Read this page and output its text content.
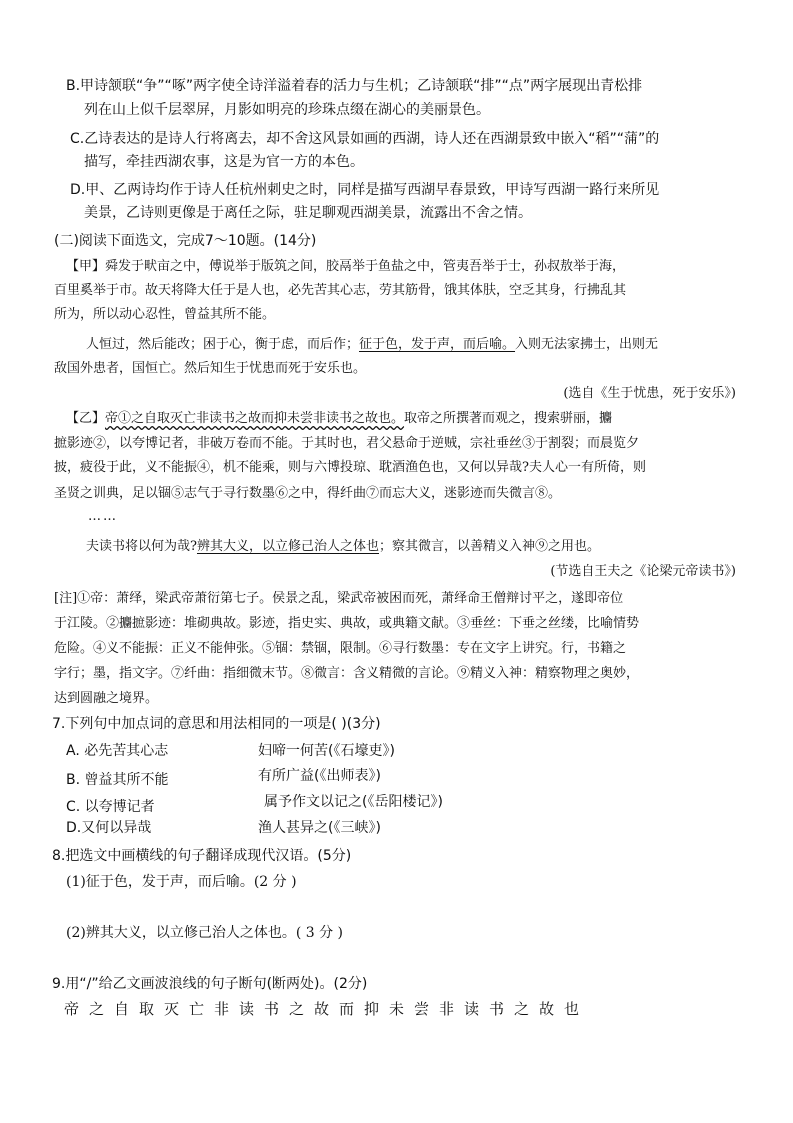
B.甲诗颔联“争”“啄”两字使全诗洋溢着春的活力与生机；乙诗颔联“排”“点”两字展现出青松排
列在山上似千层翠屏，月影如明亮的珍珠点缀在湖心的美丽景色。
C.乙诗表达的是诗人行将离去，却不舍这风景如画的西湖，诗人还在西湖景致中嵌入“稻”“蒲”的
描写，牵挂西湖农事，这是为官一方的本色。
D.甲、乙两诗均作于诗人任杭州刺史之时，同样是描写西湖早春景致，甲诗写西湖一路行来所见
美景，乙诗则更像是于离任之际，驻足聊观西湖美景，流露出不舍之情。
(二)阅读下面选文，完成7～10题。(14分)
【甲】舜发于畎亩之中，傅说举于版筑之间，胶鬲举于鱼盐之中，管夷吾举于士，孙叔敖举于海，
百里奚举于市。故天将降大任于是人也，必先苦其心志，劳其筋骨，饿其体肤，空乏其身，行拂乱其
所为，所以动心忍性，曾益其所不能。
人恒过，然后能改；困于心，衡于虑，而后作；征于色，发于声，而后喻。入则无法家拂士，出则无
敌国外患者，国恒亡。然后知生于忧患而死于安乐也。
(选自《生于忧患，死于安乐》)
【乙】帝①之自取灭亡非读书之故而抑未尝非读书之故也。取帝之所撰著而观之，搜索骈丽，攟
摭影迹②，以夸博记者，非破万卷而不能。于其时也，君父悬命于逆贼，宗社垂丝③于割裂；而晨览夕
披，疲役于此，义不能振④，机不能乘，则与六博投琼、耽酒渔色也，又何以异哉?夫人心一有所倚，则
圣贤之训典，足以锢⑤志气于寻行数墨⑥之中，得纤曲⑦而忘大义，迷影迹而失微言⑧。
……
夫读书将以何为哉?辨其大义，以立修己治人之体也；察其微言，以善精义入神⑨之用也。
(节选自王夫之《论梁元帝读书》)
[注]①帝：萧绎，梁武帝萧衍第七子。侯景之乱，梁武帝被困而死，萧绎命王僧辩讨平之，遂即帝位
于江陵。②攟摭影迹：堆砌典故。影迹，指史实、典故，或典籍文献。③垂丝：下垂之丝缕，比喻情势
危险。④义不能振：正义不能伸张。⑤锢：禁锢，限制。⑥寻行数墨：专在文字上讲究。行，书籍之
字行；墨，指文字。⑦纤曲：指细微末节。⑧微言：含义精微的言论。⑨精义入神：精察物理之奥妙，
达到圆融之境界。
7.下列句中加点词的意思和用法相同的一项是( )(3分)
A. 必先苦其心志	妇啼一何苦(《石壕吏》)
B. 曾益其所不能	有所广益(《出师表》)
C. 以夸博记者	属予作文以记之(《岳阳楼记》)
D.又何以异哉	渔人甚异之(《三峡》)
8.把选文中画横线的句子翻译成现代汉语。(5分)
(1)征于色，发于声，而后喻。(2 分 )
(2)辨其大义，以立修己治人之体也。( 3 分 )
9.用“/”给乙文画波浪线的句子断句(断两处)。(2分)
帝之自取灭亡非读书之故而抑未尝非读书之故也
